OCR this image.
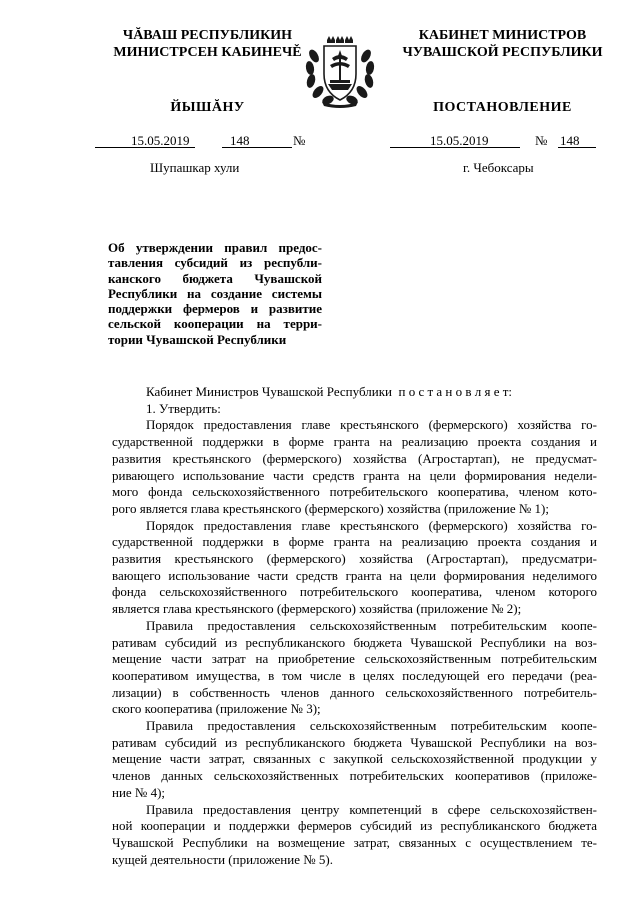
ЧĂВАШ РЕСПУБЛИКИН
МИНИСТРСЕН КАБИНЕЧĚ
ЙЫШĂНУ
КАБИНЕТ МИНИСТРОВ
ЧУВАШСКОЙ РЕСПУБЛИКИ
ПОСТАНОВЛЕНИЕ
15.05.2019	148	№	15.05.2019	№ 148
Шупашкар хули	г. Чебоксары
Об утверждении правил предос-
тавления субсидий из республи-
канского бюджета Чувашской
Республики на создание системы
поддержки фермеров и развитие
сельской кооперации на терри-
тории Чувашской Республики
Кабинет Министров Чувашской Республики п о с т а н о в л я е т:
1. Утвердить:
Порядок предоставления главе крестьянского (фермерского) хозяйства го-
сударственной поддержки в форме гранта на реализацию проекта создания и
развития крестьянского (фермерского) хозяйства (Агростартап), не предусмат-
ривающего использование части средств гранта на цели формирования недели-
мого фонда сельскохозяйственного потребительского кооператива, членом кото-
рого является глава крестьянского (фермерского) хозяйства (приложение № 1);
Порядок предоставления главе крестьянского (фермерского) хозяйства го-
сударственной поддержки в форме гранта на реализацию проекта создания и
развития крестьянского (фермерского) хозяйства (Агростартап), предусматри-
вающего использование части средств гранта на цели формирования неделимого
фонда сельскохозяйственного потребительского кооператива, членом которого
является глава крестьянского (фермерского) хозяйства (приложение № 2);
Правила предоставления сельскохозяйственным потребительским коопе-
ративам субсидий из республиканского бюджета Чувашской Республики на воз-
мещение части затрат на приобретение сельскохозяйственным потребительским
кооперативом имущества, в том числе в целях последующей его передачи (реа-
лизации) в собственность членов данного сельскохозяйственного потребитель-
ского кооператива (приложение № 3);
Правила предоставления сельскохозяйственным потребительским коопе-
ративам субсидий из республиканского бюджета Чувашской Республики на воз-
мещение части затрат, связанных с закупкой сельскохозяйственной продукции у
членов данных сельскохозяйственных потребительских кооперативов (приложе-
ние № 4);
Правила предоставления центру компетенций в сфере сельскохозяйствен-
ной кооперации и поддержки фермеров субсидий из республиканского бюджета
Чувашской Республики на возмещение затрат, связанных с осуществлением те-
кущей деятельности (приложение № 5).
